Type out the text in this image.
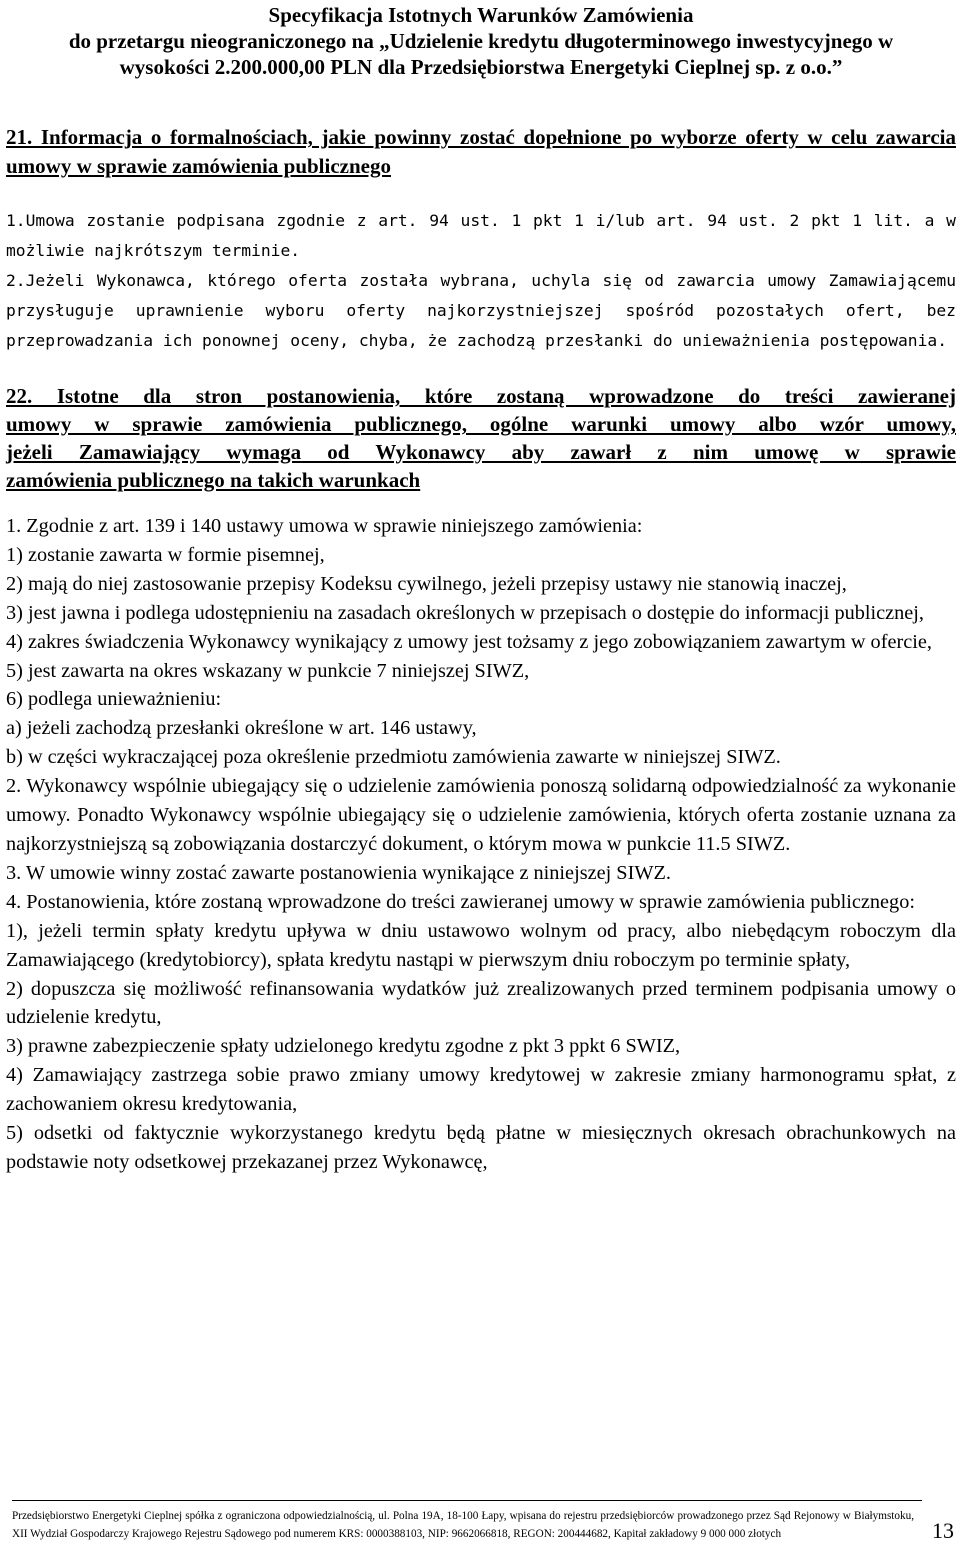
Specyfikacja Istotnych Warunków Zamówienia
do przetargu nieograniczonego na „Udzielenie kredytu długoterminowego inwestycyjnego w
wysokości 2.200.000,00 PLN dla Przedsiębiorstwa Energetyki Cieplnej sp. z o.o.”
21. Informacja o formalnościach, jakie powinny zostać dopełnione po wyborze oferty w celu zawarcia umowy w sprawie zamówienia publicznego

1.Umowa zostanie podpisana zgodnie z art. 94 ust. 1 pkt 1 i/lub art. 94 ust. 2 pkt 1 lit. a w możliwie najkrótszym terminie.

2.Jeżeli Wykonawca, którego oferta została wybrana, uchyla się od zawarcia umowy Zamawiającemu przysługuje uprawnienie wyboru oferty najkorzystniejszej spośród pozostałych ofert, bez przeprowadzania ich ponownej oceny, chyba, że zachodzą przesłanki do unieważnienia postępowania.

22. Istotne dla stron postanowienia, które zostaną wprowadzone do treści zawieranej
umowy w sprawie zamówienia publicznego, ogólne warunki umowy albo wzór umowy,
jeżeli Zamawiający wymaga od Wykonawcy aby zawarł z nim umowę w sprawie
zamówienia publicznego na takich warunkach

1. Zgodnie z art. 139 i 140 ustawy umowa w sprawie niniejszego zamówienia:

1) zostanie zawarta w formie pisemnej,

2) mają do niej zastosowanie przepisy Kodeksu cywilnego, jeżeli przepisy ustawy nie stanowią inaczej,

3) jest jawna i podlega udostępnieniu na zasadach określonych w przepisach o dostępie do informacji publicznej,

4) zakres świadczenia Wykonawcy wynikający z umowy jest tożsamy z jego zobowiązaniem zawartym w ofercie,

5) jest zawarta na okres wskazany w punkcie 7 niniejszej SIWZ,

6) podlega unieważnieniu:

a) jeżeli zachodzą przesłanki określone w art. 146 ustawy,

b) w części wykraczającej poza określenie przedmiotu zamówienia zawarte w niniejszej SIWZ.

2. Wykonawcy wspólnie ubiegający się o udzielenie zamówienia ponoszą solidarną odpowiedzialność za wykonanie umowy. Ponadto Wykonawcy wspólnie ubiegający się o udzielenie zamówienia, których oferta zostanie uznana za najkorzystniejszą są zobowiązania dostarczyć dokument, o którym mowa w punkcie 11.5 SIWZ.

3. W umowie winny zostać zawarte postanowienia wynikające z niniejszej SIWZ.

4. Postanowienia, które zostaną wprowadzone do treści zawieranej umowy w sprawie zamówienia publicznego:

1), jeżeli termin spłaty kredytu upływa w dniu ustawowo wolnym od pracy, albo niebędącym roboczym dla Zamawiającego (kredytobiorcy), spłata kredytu nastąpi w pierwszym dniu roboczym po terminie spłaty,

2) dopuszcza się możliwość refinansowania wydatków już zrealizowanych przed terminem podpisania umowy o udzielenie kredytu,

3) prawne zabezpieczenie spłaty udzielonego kredytu zgodne z pkt 3 ppkt 6 SWIZ,

4) Zamawiający zastrzega sobie prawo zmiany umowy kredytowej w zakresie zmiany harmonogramu spłat, z zachowaniem okresu kredytowania,

5) odsetki od faktycznie wykorzystanego kredytu będą płatne w miesięcznych okresach obrachunkowych na podstawie noty odsetkowej przekazanej przez Wykonawcę,

Przedsiębiorstwo Energetyki Cieplnej spółka z ograniczona odpowiedzialnością, ul. Polna 19A, 18-100 Łapy, wpisana do rejestru przedsiębiorców prowadzonego przez Sąd Rejonowy w Białymstoku, XII Wydział Gospodarczy Krajowego Rejestru Sądowego pod numerem KRS: 0000388103, NIP: 9662066818, REGON: 200444682, Kapitał zakładowy 9 000 000 złotych	13
